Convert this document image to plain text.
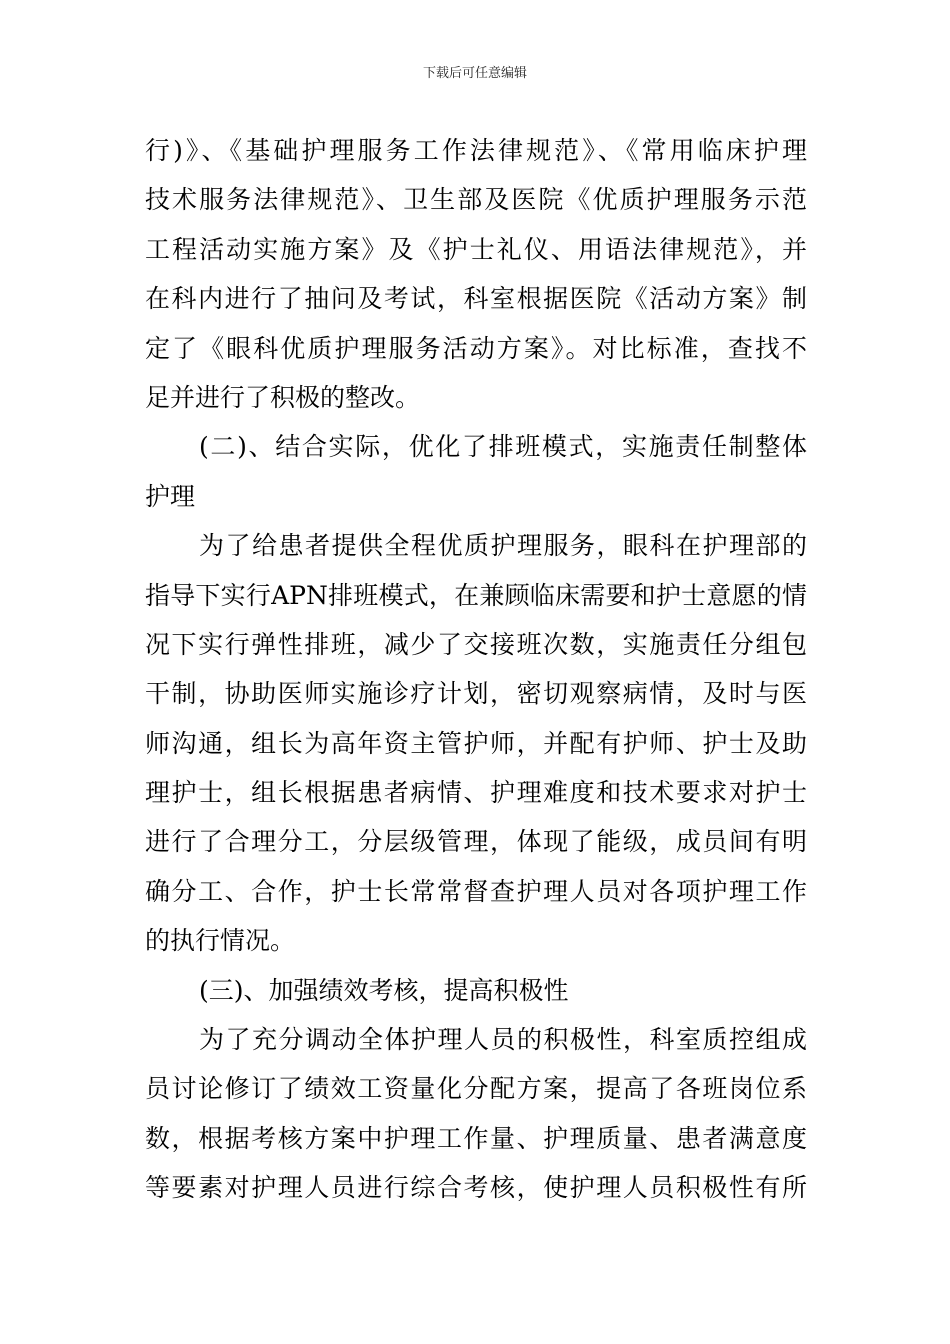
下载后可任意编辑
行)》、《基础护理服务工作法律规范》、《常用临床护理
技术服务法律规范》、卫生部及医院《优质护理服务示范
工程活动实施方案》及《护士礼仪、用语法律规范》，并
在科内进行了抽问及考试，科室根据医院《活动方案》制
定了《眼科优质护理服务活动方案》。对比标准，查找不
足并进行了积极的整改。
(二)、结合实际，优化了排班模式，实施责任制整体
护理
为了给患者提供全程优质护理服务，眼科在护理部的
指导下实行APN排班模式，在兼顾临床需要和护士意愿的情
况下实行弹性排班，减少了交接班次数，实施责任分组包
干制，协助医师实施诊疗计划，密切观察病情，及时与医
师沟通，组长为高年资主管护师，并配有护师、护士及助
理护士，组长根据患者病情、护理难度和技术要求对护士
进行了合理分工，分层级管理，体现了能级，成员间有明
确分工、合作，护士长常常督查护理人员对各项护理工作
的执行情况。
(三)、加强绩效考核，提高积极性
为了充分调动全体护理人员的积极性，科室质控组成
员讨论修订了绩效工资量化分配方案，提高了各班岗位系
数，根据考核方案中护理工作量、护理质量、患者满意度
等要素对护理人员进行综合考核，使护理人员积极性有所
